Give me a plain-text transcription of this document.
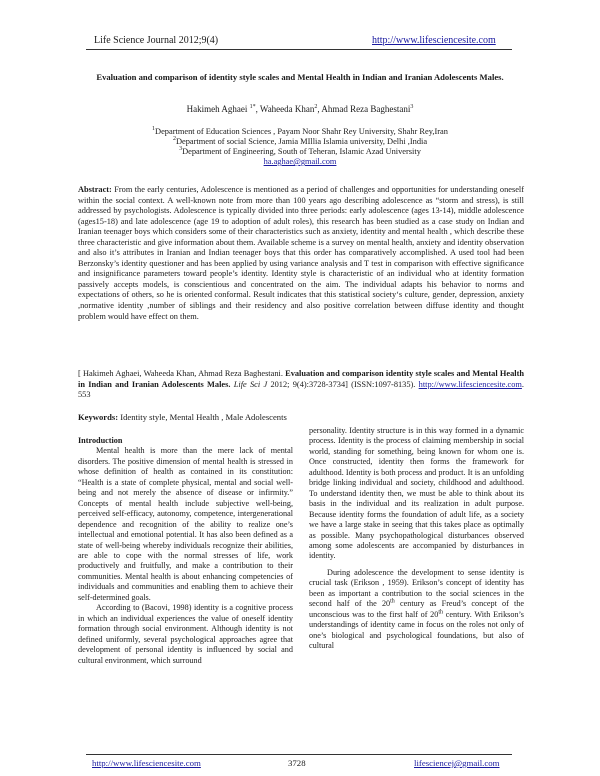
Life Science Journal 2012;9(4)	http://www.lifesciencesite.com
Evaluation and comparison of identity style scales and Mental Health in Indian and Iranian Adolescents Males.
Hakimeh Aghaei $^{1*}$, Waheeda Khan$^2$, Ahmad Reza Baghestani$^3$
$^1$Department of Education Sciences , Payam Noor Shahr Rey University, Shahr Rey,Iran
$^2$Department of social Science, Jamia MIllia Islamia university, Delhi ,India
$^3$Department of Engineering, South of Teheran, Islamic Azad University
ha.aghae@gmail.com
Abstract: From the early centuries, Adolescence is mentioned as a period of challenges and opportunities for understanding oneself within the social context. A well-known note from more than 100 years ago describing adolescence as “storm and stress), is still addressed by psychologists. Adolescence is typically divided into three periods: early adolescence (ages 13-14), middle adolescence (ages15-18) and late adolescence (age 19 to adoption of adult roles), this research has been studied as a case study on Indian and Iranian teenager boys which considers some of their characteristics such as anxiety, identity and mental health , which describe these three characteristic and give information about them. Available scheme is a survey on mental health, anxiety and identity observation and also it’s attributes in Iranian and Indian teenager boys that this order has comparatively accomplished. A used tool had been Berzonsky’s identity questioner and has been applied by using variance analysis and T test in comparison with effective significance and insignificance parameters toward people’s identity. Identity style is characteristic of an individual who at identity formation passively accepts models, is conscientious and concentrated on the aim. The individual adapts his behavior to norms and expectations of others, so he is oriented conformal. Result indicates that this statistical society‘s culture, gender, depression, anxiety ,normative identity ,number of siblings and their residency and also positive correlation between diffuse identity and thought problem would have effect on them.
[ Hakimeh Aghaei, Waheeda Khan, Ahmad Reza Baghestani. Evaluation and comparison identity style scales and Mental Health in Indian and Iranian Adolescents Males. Life Sci J 2012; 9(4):3728-3734] (ISSN:1097-8135). http://www.lifesciencesite.com. 553
Keywords: Identity style, Mental Health , Male Adolescents

Introduction

Mental health is more than the mere lack of mental disorders. The positive dimension of mental health is stressed in whose definition of health as contained in its constitution: “Health is a state of complete physical, mental and social well-being and not merely the absence of disease or infirmity.” Concepts of mental health include subjective well-being, perceived self-efficacy, autonomy, competence, intergenerational dependence and recognition of the ability to realize one’s intellectual and emotional potential. It has also been defined as a state of well-being whereby individuals recognize their abilities, are able to cope with the normal stresses of life, work productively and fruitfully, and make a contribution to their communities. Mental health is about enhancing competencies of individuals and communities and enabling them to achieve their self-determined goals.

According to (Bacovi, 1998) identity is a cognitive process in which an individual experiences the value of oneself identity formation through social environment. Although identity is not defined uniformly, several psychological approaches agree that development of personal identity is influenced by social and cultural environment, which surround

personality. Identity structure is in this way formed in a dynamic process. Identity is the process of claiming membership in social world, standing for something, being known for whom one is. Once constructed, identity then forms the framework for adulthood. Identity is both process and product. It is an unfolding bridge linking individual and society, childhood and adulthood. To understand identity then, we must be able to think about its basis in the individual and its realization in adult purpose. Because identity forms the foundation of adult life, as a society we have a large stake in seeing that this takes place as optimally as possible. Many psychopathological disturbances observed among some adolescents are accompanied by disturbances in identity.

During adolescence the development to sense identity is crucial task (Erikson , 1959). Erikson’s concept of identity has been as important a contribution to the social sciences in the second half of the 20th century as Freud’s concept of the unconscious was to the first half of 20th century. With Erikson’s understandings of identity came in focus on the roles not only of one’s biological and psychological foundations, but also of cultural

http://www.lifesciencesite.com	3728	lifesciencej@gmail.com
